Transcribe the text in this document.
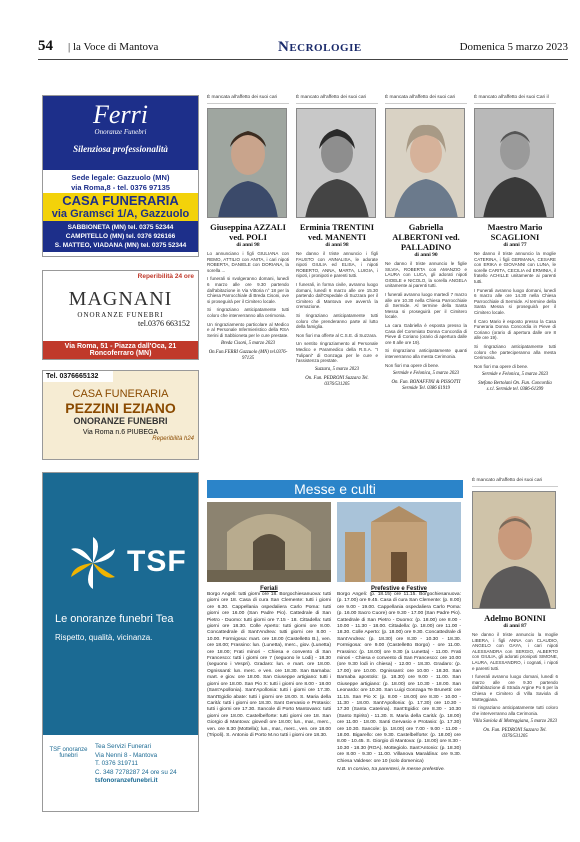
54 | la Voce di Mantova	Necrologie	Domenica 5 marzo 2023
Ferri
Onoranze Funebri
Silenziosa professionalità
Sede legale: Gazzuolo (MN)
via Roma,8 - tel. 0376 97135
CASA FUNERARIA
via Gramsci 1/A, Gazzuolo
SABBIONETA (MN) tel. 0375 52344
CAMPITELLO (MN) tel. 0376 926166
S. MATTEO, VIADANA (MN) tel. 0375 52344
Reperibilità 24 ore
MAGNANI
ONORANZE FUNEBRI
tel.0376 663152
Via Roma, 51 - Piazza dall'Oca, 21 Roncoferraro (MN)
Tel. 0376665132
CASA FUNERARIA
PEZZINI EZIANO
ONORANZE FUNEBRI
Via Roma n.6 PIUBEGA
Reperibilità h24
TSF
Le onoranze funebri Tea
Rispetto, qualità, vicinanza.
TSF onoranze funebri
Tea Servizi Funerari
Via Nenni 8 - Mantova
T. 0376 319711
C. 348 7278287 24 ore su 24
tsfonoranzefunebri.it
È mancata all'affetto dei suoi cari
Giuseppina AZZALI ved. POLI
di anni 98
Lo annunciano i figli GIULIANA con REMO, ATTILIO con ANITA, i cari nipoti ROBERTA, DANIELE con DORIANA, la sorella ...
I funerali si svolgeranno domani, lunedì 6 marzo alle ore 9.30 partendo dall'abitazione in Via Vittoria n° 18 per la Chiesa Parrocchiale di Breda Cisoni, ove si proseguirà per il Cimitero locale.
Si ringraziano anticipatamente tutti coloro che interverranno alla cerimonia.
Un ringraziamento particolare al Medico e al Personale Infermieristico della RSA Serini di Sabbioneta per le cure prestate.
Breda Cisoni, 5 marzo 2023
On.Fun.FERRI Gazzuolo (MN) tel.0376-97135
È mancato all'affetto dei suoi cari
Erminia TRENTINI ved. MANENTI
di anni 98
Ne danno il triste annuncio i figli FAUSTO con ANNALISA, le adorate nipoti GIULIA ed ELISA, i nipoti ROBERTO, ANNA, MARTA, LUIGIA, i nipoti, i pronipoti e parenti tutti.
I funerali, in forma civile, avranno luogo domani, lunedì 6 marzo alle ore 15.30 partendo dall'Ospedale di Suzzara per il Cimitero di Mantova ove avverrà la cremazione.
Si ringraziano anticipatamente tutti coloro che prenderanno parte al lutto della famiglia.
Non fiori ma offerte al C.S.E. di Suzzara.
Un sentito ringraziamento al Personale Medico e Paramedico della R.S.A. "I Tulipani" di Gonzaga per le cure e l'assistenza prestate.
Suzzara, 5 marzo 2023
On. Fun. PEDRONI Suzzara Tel. 0376/531205
È mancata all'affetto dei suoi cari
Gabriella ALBERTONI ved. PALLADINO
di anni 90
Ne danno il triste annuncio le figlie SILVIA, ROBERTA con AMANZIO e LAURA con LUCA, gli adorati nipoti GIOELE e NICOLO, la sorella ANGELA unitamente ai parenti tutti.
I funerali avranno luogo martedì 7 marzo alle ore 10.30 nella Chiesa Parrocchiale di Sermide. Al termine della Santa Messa si proseguirà per il Cimitero locale.
La cara Gabriella è esposta presso la Casa del Commiato Donna Concordia di Pieve di Coriano (orario di apertura dalle ore 8 alle ore 19).
Si ringraziano anticipatamente quanti interverranno alla mesta Cerimonia.
Non fiori ma opere di bene.
Sermide e Felonica, 5 marzo 2023
On. Fun. BONAFFINI & PISSOTTI Sermide Tel. 0386 61919
È mancato all'affetto dei suoi Cari il
Maestro Mario SCAGLIONI
di anni 77
Ne danno il triste annuncio la moglie CATERINA, i figli GERMANA, CESARE con ERIKA e GIOVANNI con LUNA, le sorelle CARITA, CECILIA ed ERMINIA, il fratello ACHILLE unitamente ai parenti tutti.
I Funerali avranno luogo domani, lunedì 6 marzo alle ore 14.30 nella Chiesa Parrocchiale di Sermide. Al termine della Santa Messa si proseguirà per il Cimitero locale.
Il Caro Mario è esposto presso la Casa Funeraria Donna Concordia in Pieve di Coriano (orario di apertura dalle ore 8 alle ore 19).
Si ringraziano anticipatamente tutti coloro che parteciperanno alla mesta Cerimonia.
Non fiori ma opere di bene.
Sermide e Felonica, 5 marzo 2023
Stefano Bertolani On. Fun. Concordia s.r.l. Sermide tel. 0386-61399
Messe e culti
Feriali
Borgo Angeli: tutti giorni ore 18. Borgochiesanuova: tutti giorni ore 18. Casa di cura San Clemente: tutti i giorni ore 6.30. Cappellania ospedaliera Carlo Poma: tutti giorni ore 16.00 (San Padre Pio). Cattedrale di San Pietro - Duomo: tutti giorni ore 7.15 - 18. Cittadella: tutti giorni ore 18.30. Colle Aperto: tutti giorni ore 8.00. Concattedrale di Sant'Andrea: tutti giorni ore 8.00 - 10.00. Formigosa: mart. ore 18.00 (Castelletto B.), ven. ore 18.00; Frassino: lun. (Lunetta), merc., giov. (Lunetta) ore 18.00; Frati minori - Chiesa e convento di San Francesco: tutti i giorni ore 7 (seguono le Lodi) - 18.30 (seguono i Vespri). Gradaro: lun. e mart. ore 18.00. Ognissanti: lun. merc. e ven. ore 18.30. San Barnaba: mart. e giov. ore 18.00. San Giuseppe artigiano: tutti i giorni ore 18.00. San Pio X: tutti i giorni ore 8.00 - 18.00 (Sant'Apollonia). Sant'Apollonia: tutti i giorni ore 17.30. Sant'Egidio abate: tutti i giorni ore 18.00. S. Maria della Carità: tutti i giorni ore 18.30. Sant Gervasio e Protasio: tutti i giorni ore 17.30. Sancole di Porto Mantovano: tutti giorni ore 18.00. Castelbelforte: tutti giorni ore 18. San Giorgio di Mantova: giovedì ore 18.00; lun., mar., merc., ven. ore 8.30 (Mottella); lun., mar., merc., ven. ore 18.00 (Tripoli). S. Antonio di Porto M.no tutti i giorni ore 18.30.
Prefestive e Festive
Borgo Angeli: (p. 18.15) ore 11.15. Borgochiesanuova: (p. 17.00) ore 9.45. Casa di cura San Clemente: (p. 8.00) ore 9.00 - 19.00. Cappellania ospedaliera Carlo Poma: (p. 16.00 Sacro Cuore) ore 9.30 - 17.00 (San Padre Pio). Cattedrale di San Pietro - Duomo: (p. 18.00) ore 8.00 - 10.00 - 11.30 - 18.00. Cittadella: (p. 18.00) ore 11.00 - 18.30. Colle Aperto: (p. 18.00) ore 9.30. Concattedrale di Sant'Andrea: (p. 18.30) ore 8.30 - 10.30 - 18.30. Formigosa: ore 9.00 (Castelletto Borgo) - ore 11.00. Frassino: (p. 18.00) ore 9.30 (a Lunetta) - 11.00. Frati minori - Chiesa e convento di San Francesco: ore 10.00 (ore 9.30 lodi in chiesa) - 12.00 - 18.30. Gradaro: (p. 17.00) ore 10.00. Ognissanti: ore 10.00 - 18.30. San Barnaba apostolo: (p. 18.30) ore 9.00 - 11.00. San Giuseppe artigiano: (p. 18.00) ore 10.30 - 18.00. San Leonardo: ore 10.30. San Luigi Gonzaga Te Brunetti: ore 11.15. San Pio X: (p. 8.00 - 18.00) ore 8.30 - 10.00 - 11.30 - 18.00. Sant'Apollonia: (p. 17.30) ore 10.30 - 17.30 (Santa Caterina). Sant'Egidio: ore 8.30 - 10.30 (Santo Spirito) - 11.30. S. Maria della Carità: (p. 18.00) ore 11.00 - 18.00. Santi Gervasio e Protasio: (p. 17.30) ore 10.30. Sancole: (p. 18.00) ore 7.00 - 9.00 - 11.00 - 18.00. Bigarello: ore 9.30. Castelbelforte: (p. 18.00) ore 8.00 - 10.45. S. Giorgio di Mantova: (p. 18.00) ore 8.30 - 10.30 - 18.30 (ROA). Mottegiolo. Sant'Antonio: (p. 18.30) ore 8.00 - 9.30 - 11.00. Villanova Maraldina: ore 9.30. Chiesa Valdese: ore 10 (solo domenica)
N.B. In corsivo, tra parentesi, le messe prefestive.
È mancato all'affetto dei suoi cari
Adelmo BONINI
di anni 87
Ne danno il triste annuncio la moglie LIBERA, i figli ANNA con CLAUDIO, ANGELO con GAYA, i cari nipoti ALESSANDRA con SERGIO, ALBERTO con GIULIA, gli adorati pronipoti SIMONE, LAURA, ALESSANDRO, i cognati, i nipoti e parenti tutti.
I funerali avranno luogo domani, lunedì 6 marzo alle ore 9.30 partendo dall'abitazione di Strada Argine Po 6 per la Chiesa e Cimitero di Villa Saviola di Motteggiana.
Si ringraziano anticipatamente tutti coloro che interverranno alla Cerimonia.
Villa Saviola di Motteggiana, 5 marzo 2023
On. Fun. PEDRONI Suzzara Tel. 0376/531205
